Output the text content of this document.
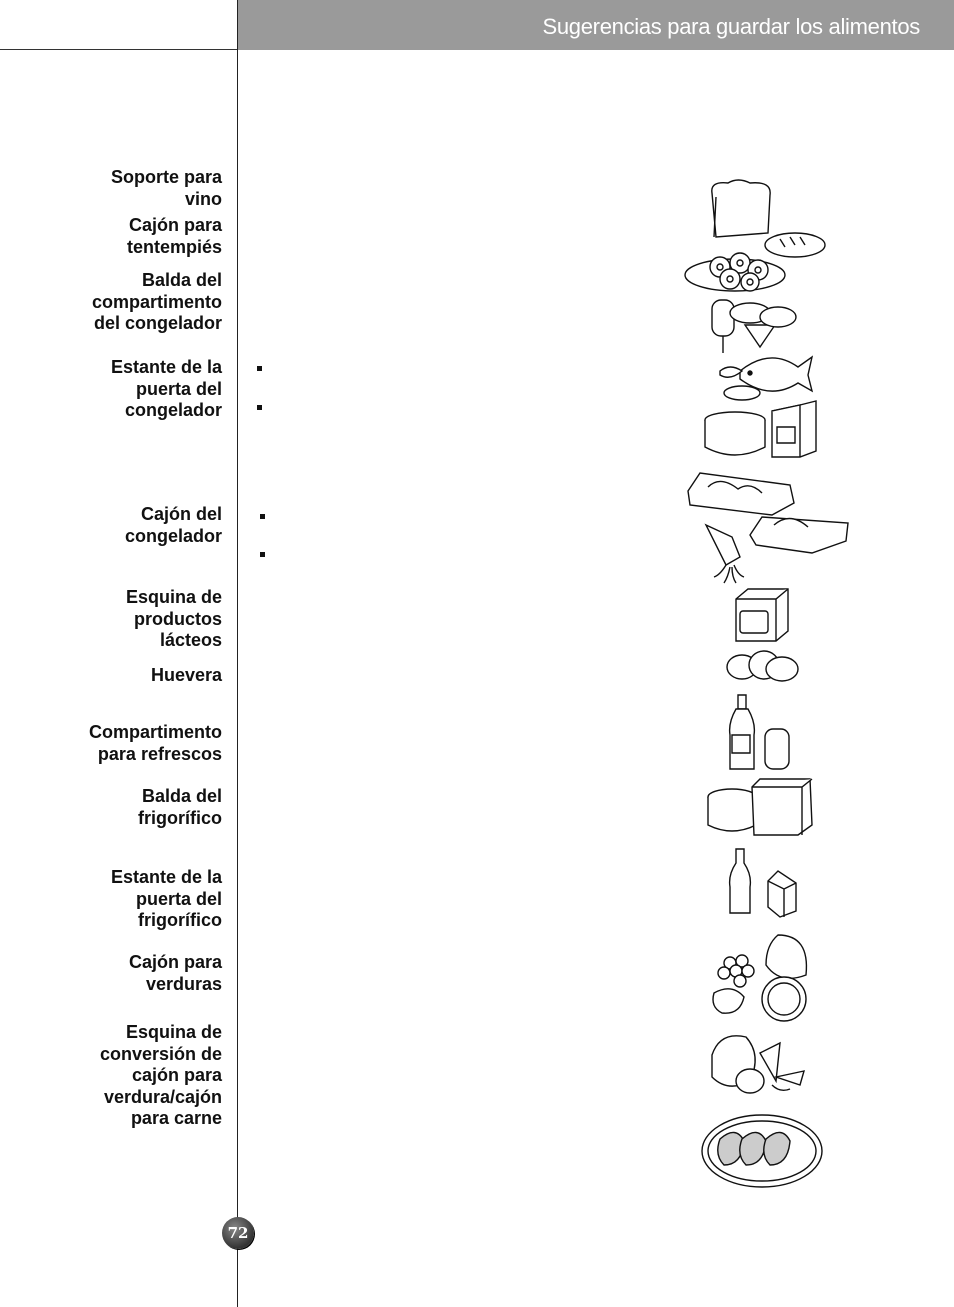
Sugerencias para guardar los alimentos
Soporte para
vino
Cajón para
tentempiés
Balda del
compartimento
del congelador
Estante de la
puerta del
congelador
Cajón del
congelador
Esquina de
productos
lácteos
Huevera
Compartimento
para refrescos
Balda del
frigorífico
Estante de la
puerta del
frigorífico
Cajón para
verduras
Esquina de
conversión de
cajón para
verdura/cajón
para carne
72
